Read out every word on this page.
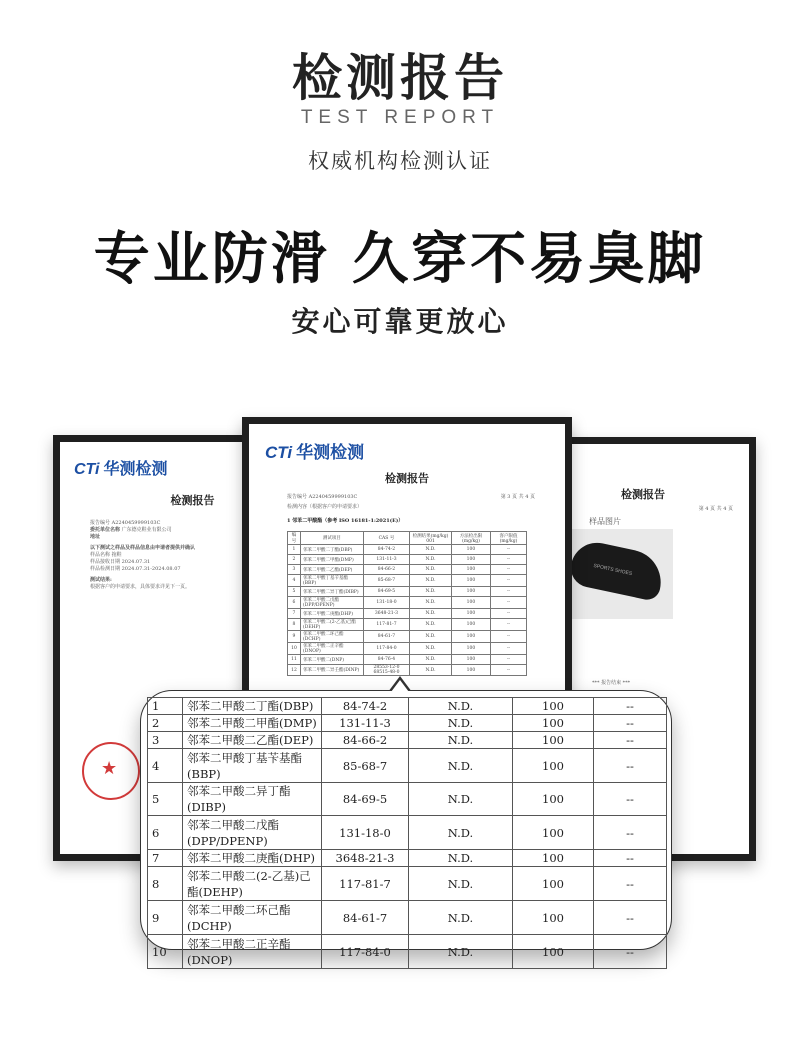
检测报告
TEST REPORT
权威机构检测认证
专业防滑 久穿不易臭脚
安心可靠更放心
CTi 华测检测
检测报告
报告编号 A2240459999103C
委托单位名称 广东德克鞋业有限公司
地址
以下测试之样品及样品信息由申请者提供并确认
样品名称 拖鞋
样品接收日期 2024.07.31
样品检测日期 2024.07.31-2024.08.07
测试结果:
根据客户的申请要求，具体要求详见下一页。
★
检测报告
第 4 页 共 4 页
样品图片
SPORTS SHOES
*** 报告结束 ***
CTi 华测检测
检测报告
报告编号 A2240459999103C	第 3 页 共 4 页
检测内容（根据客户的申请要求）
1 邻苯二甲酸酯（参考 ISO 16181-1:2021(E)）
编号	测试项目	CAS 号	检测结果(mg/kg) 001	方法检出限 (mg/kg)	客户限值 (mg/kg)
1	邻苯二甲酸二丁酯(DBP)	84-74-2	N.D.	100	--
2	邻苯二甲酸二甲酯(DMP)	131-11-3	N.D.	100	--
3	邻苯二甲酸二乙酯(DEP)	84-66-2	N.D.	100	--
4	邻苯二甲酸丁基苄基酯(BBP)	85-68-7	N.D.	100	--
5	邻苯二甲酸二异丁酯(DIBP)	84-69-5	N.D.	100	--
6	邻苯二甲酸二戊酯(DPP/DPENP)	131-18-0	N.D.	100	--
7	邻苯二甲酸二庚酯(DHP)	3648-21-3	N.D.	100	--
8	邻苯二甲酸二(2-乙基)己酯(DEHP)	117-81-7	N.D.	100	--
9	邻苯二甲酸二环己酯(DCHP)	84-61-7	N.D.	100	--
10	邻苯二甲酸二正辛酯(DNOP)	117-84-0	N.D.	100	--
11	邻苯二甲酸二(DNP)	84-76-4	N.D.	100	--
12	邻苯二甲酸二异壬酯(DINP)	28553-12-0 68515-48-0	N.D.	100	--
1	邻苯二甲酸二丁酯(DBP)	84-74-2	N.D.	100	--
2	邻苯二甲酸二甲酯(DMP)	131-11-3	N.D.	100	--
3	邻苯二甲酸二乙酯(DEP)	84-66-2	N.D.	100	--
4	邻苯二甲酸丁基苄基酯(BBP)	85-68-7	N.D.	100	--
5	邻苯二甲酸二异丁酯(DIBP)	84-69-5	N.D.	100	--
6	邻苯二甲酸二戊酯(DPP/DPENP)	131-18-0	N.D.	100	--
7	邻苯二甲酸二庚酯(DHP)	3648-21-3	N.D.	100	--
8	邻苯二甲酸二(2-乙基)己酯(DEHP)	117-81-7	N.D.	100	--
9	邻苯二甲酸二环己酯(DCHP)	84-61-7	N.D.	100	--
10	邻苯二甲酸二正辛酯(DNOP)	117-84-0	N.D.	100	--
